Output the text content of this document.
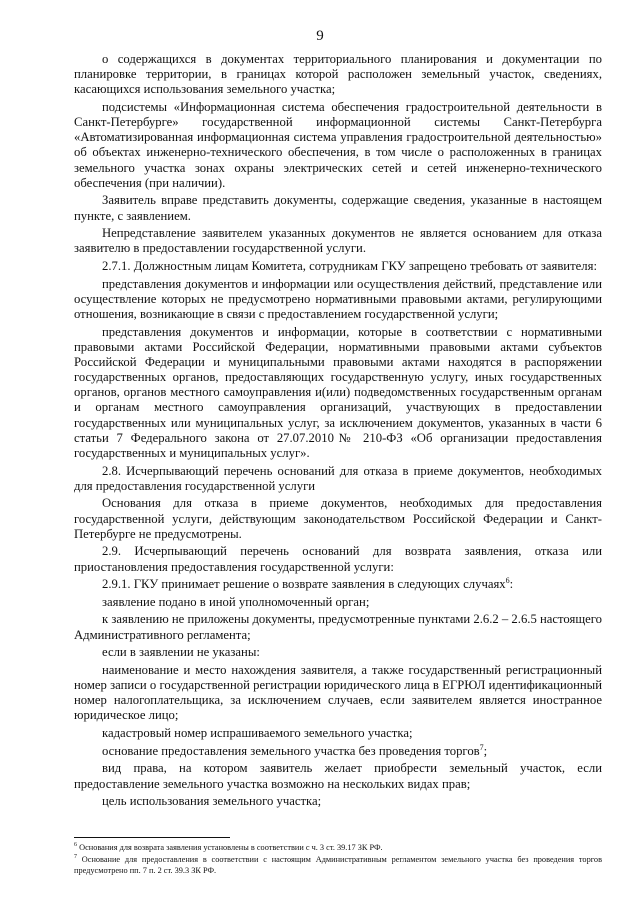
9

о содержащихся в документах территориального планирования и документации по планировке территории, в границах которой расположен земельный участок, сведениях, касающихся использования земельного участка;

подсистемы «Информационная система обеспечения градостроительной деятельности в Санкт-Петербурге» государственной информационной системы Санкт-Петербурга «Автоматизированная информационная система управления градостроительной деятельностью» об объектах инженерно-технического обеспечения, в том числе о расположенных в границах земельного участка зонах охраны электрических сетей и сетей инженерно-технического обеспечения (при наличии).

Заявитель вправе представить документы, содержащие сведения, указанные в настоящем пункте, с заявлением.

Непредставление заявителем указанных документов не является основанием для отказа заявителю в предоставлении государственной услуги.

2.7.1. Должностным лицам Комитета, сотрудникам ГКУ запрещено требовать от заявителя:

представления документов и информации или осуществления действий, представление или осуществление которых не предусмотрено нормативными правовыми актами, регулирующими отношения, возникающие в связи с предоставлением государственной услуги;

представления документов и информации, которые в соответствии с нормативными правовыми актами Российской Федерации, нормативными правовыми актами субъектов Российской Федерации и муниципальными правовыми актами находятся в распоряжении государственных органов, предоставляющих государственную услугу, иных государственных органов, органов местного самоуправления и(или) подведомственных государственным органам и органам местного самоуправления организаций, участвующих в предоставлении государственных или муниципальных услуг, за исключением документов, указанных в части 6 статьи 7 Федерального закона от 27.07.2010№ 210-ФЗ «Об организации предоставления государственных и муниципальных услуг».

2.8. Исчерпывающий перечень оснований для отказа в приеме документов, необходимых для предоставления государственной услуги

Основания для отказа в приеме документов, необходимых для предоставления государственной услуги, действующим законодательством Российской Федерации и Санкт-Петербурге не предусмотрены.

2.9. Исчерпывающий перечень оснований для возврата заявления, отказа или приостановления предоставления государственной услуги:

2.9.1. ГКУ принимает решение о возврате заявления в следующих случаях$^6$:

заявление подано в иной уполномоченный орган;

к заявлению не приложены документы, предусмотренные пунктами 2.6.2 – 2.6.5 настоящего Административного регламента;

если в заявлении не указаны:

наименование и место нахождения заявителя, а также государственный регистрационный номер записи о государственной регистрации юридического лица в ЕГРЮЛ идентификационный номер налогоплательщика, за исключением случаев, если заявителем является иностранное юридическое лицо;

кадастровый номер испрашиваемого земельного участка;

основание предоставления земельного участка без проведения торгов$^7$;

вид права, на котором заявитель желает приобрести земельный участок, если предоставление земельного участка возможно на нескольких видах прав;

цель использования земельного участка;

$^6$ Основания для возврата заявления установлены в соответствии с ч. 3 ст. 39.17 ЗК РФ.

$^7$ Основание для предоставления в соответствии с настоящим Административным регламентом земельного участка без проведения торгов предусмотрено пп. 7 п. 2 ст. 39.3 ЗК РФ.
